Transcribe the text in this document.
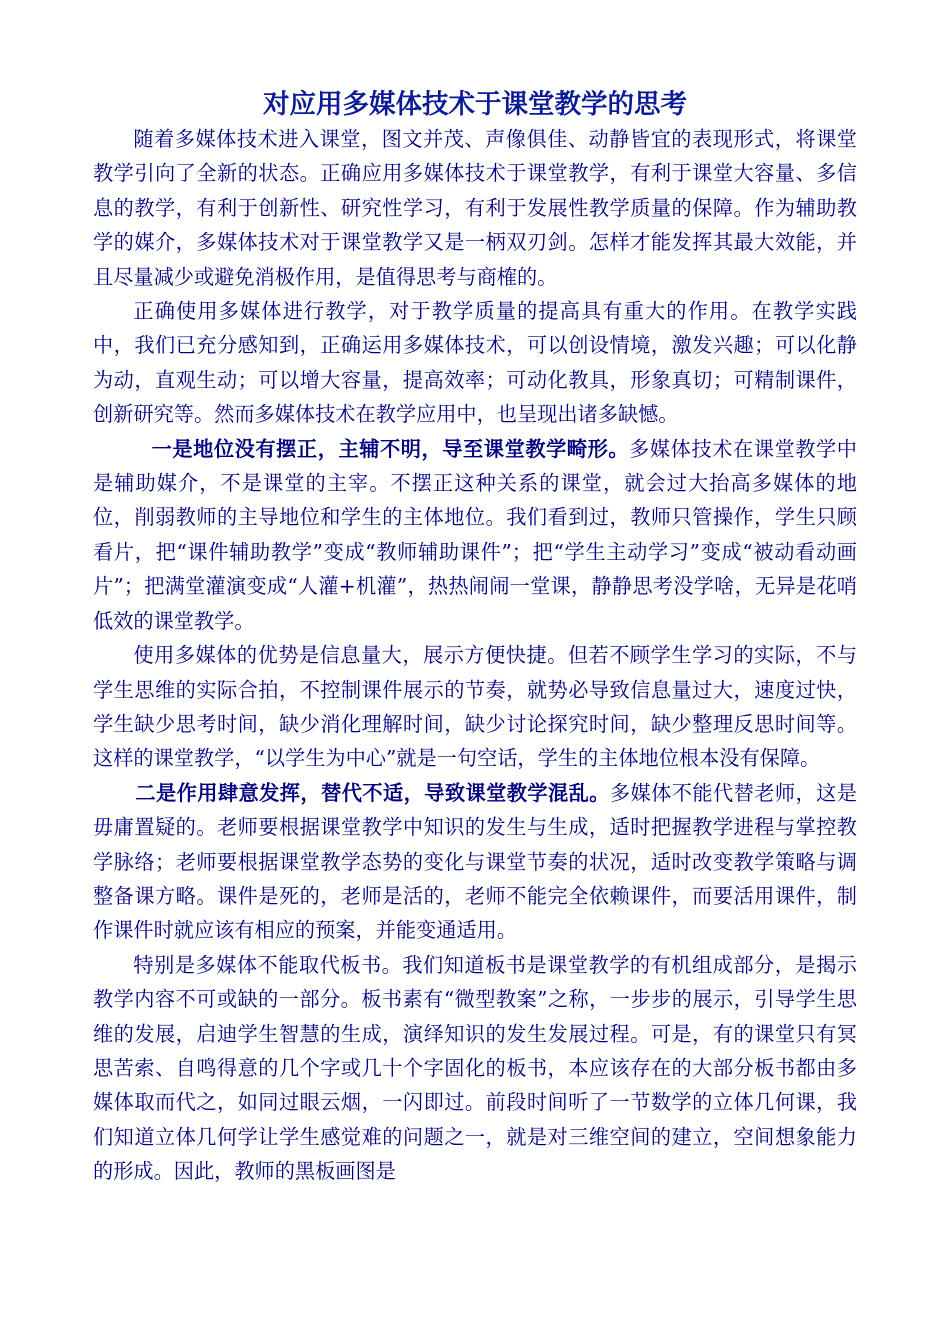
对应用多媒体技术于课堂教学的思考

随着多媒体技术进入课堂，图文并茂、声像俱佳、动静皆宜的表现形式，将课堂教学引向了全新的状态。正确应用多媒体技术于课堂教学，有利于课堂大容量、多信息的教学，有利于创新性、研究性学习，有利于发展性教学质量的保障。作为辅助教学的媒介，多媒体技术对于课堂教学又是一柄双刃剑。怎样才能发挥其最大效能，并且尽量减少或避免消极作用，是值得思考与商榷的。

正确使用多媒体进行教学，对于教学质量的提高具有重大的作用。在教学实践中，我们已充分感知到，正确运用多媒体技术，可以创设情境，激发兴趣；可以化静为动，直观生动；可以增大容量，提高效率；可动化教具，形象真切；可精制课件，创新研究等。然而多媒体技术在教学应用中，也呈现出诸多缺憾。

一是地位没有摆正，主辅不明，导至课堂教学畸形。多媒体技术在课堂教学中是辅助媒介，不是课堂的主宰。不摆正这种关系的课堂，就会过大抬高多媒体的地位，削弱教师的主导地位和学生的主体地位。我们看到过，教师只管操作，学生只顾看片，把“课件辅助教学”变成“教师辅助课件”；把“学生主动学习”变成“被动看动画片”；把满堂灌演变成“人灌+机灌”，热热闹闹一堂课，静静思考没学啥，无异是花哨低效的课堂教学。

使用多媒体的优势是信息量大，展示方便快捷。但若不顾学生学习的实际，不与学生思维的实际合拍，不控制课件展示的节奏，就势必导致信息量过大，速度过快，学生缺少思考时间，缺少消化理解时间，缺少讨论探究时间，缺少整理反思时间等。这样的课堂教学，“以学生为中心”就是一句空话，学生的主体地位根本没有保障。

二是作用肆意发挥，替代不适，导致课堂教学混乱。多媒体不能代替老师，这是毋庸置疑的。老师要根据课堂教学中知识的发生与生成，适时把握教学进程与掌控教学脉络；老师要根据课堂教学态势的变化与课堂节奏的状况，适时改变教学策略与调整备课方略。课件是死的，老师是活的，老师不能完全依赖课件，而要活用课件，制作课件时就应该有相应的预案，并能变通适用。

特别是多媒体不能取代板书。我们知道板书是课堂教学的有机组成部分，是揭示教学内容不可或缺的一部分。板书素有“微型教案”之称，一步步的展示，引导学生思维的发展，启迪学生智慧的生成，演绎知识的发生发展过程。可是，有的课堂只有冥思苦索、自鸣得意的几个字或几十个字固化的板书，本应该存在的大部分板书都由多媒体取而代之，如同过眼云烟，一闪即过。前段时间听了一节数学的立体几何课，我们知道立体几何学让学生感觉难的问题之一，就是对三维空间的建立，空间想象能力的形成。因此，教师的黑板画图是
